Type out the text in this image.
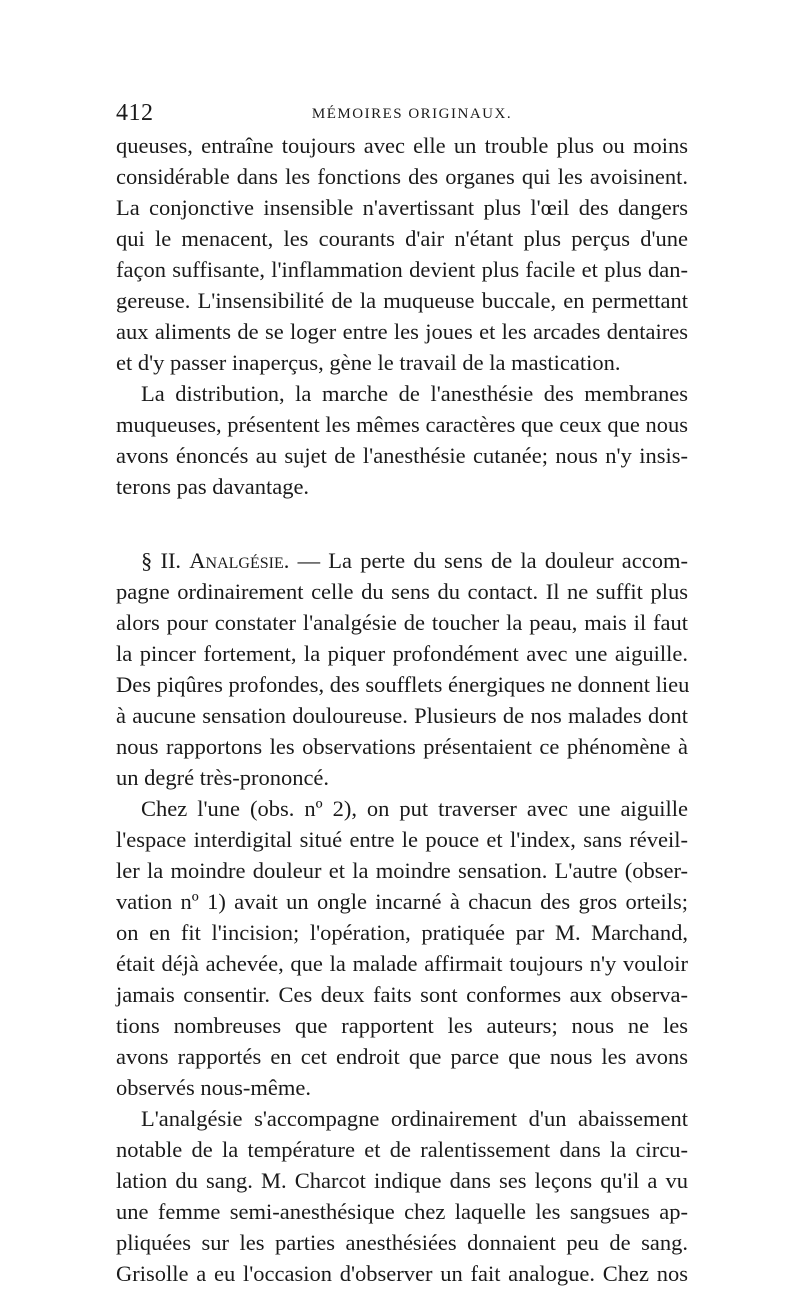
412	MÉMOIRES ORIGINAUX.
queuses, entraîne toujours avec elle un trouble plus ou moins
considérable dans les fonctions des organes qui les avoisinent.
La conjonctive insensible n'avertissant plus l'œil des dangers
qui le menacent, les courants d'air n'étant plus perçus d'une
façon suffisante, l'inflammation devient plus facile et plus dan-
gereuse. L'insensibilité de la muqueuse buccale, en permettant
aux aliments de se loger entre les joues et les arcades dentaires
et d'y passer inaperçus, gène le travail de la mastication.
La distribution, la marche de l'anesthésie des membranes
muqueuses, présentent les mêmes caractères que ceux que nous
avons énoncés au sujet de l'anesthésie cutanée; nous n'y insis-
terons pas davantage.
§ II. Analgésie. — La perte du sens de la douleur accom-
pagne ordinairement celle du sens du contact. Il ne suffit plus
alors pour constater l'analgésie de toucher la peau, mais il faut
la pincer fortement, la piquer profondément avec une aiguille.
Des piqûres profondes, des soufflets énergiques ne donnent lieu
à aucune sensation douloureuse. Plusieurs de nos malades dont
nous rapportons les observations présentaient ce phénomène à
un degré très-prononcé.
Chez l'une (obs. nº 2), on put traverser avec une aiguille
l'espace interdigital situé entre le pouce et l'index, sans réveil-
ler la moindre douleur et la moindre sensation. L'autre (obser-
vation nº 1) avait un ongle incarné à chacun des gros orteils;
on en fit l'incision; l'opération, pratiquée par M. Marchand,
était déjà achevée, que la malade affirmait toujours n'y vouloir
jamais consentir. Ces deux faits sont conformes aux observa-
tions nombreuses que rapportent les auteurs; nous ne les
avons rapportés en cet endroit que parce que nous les avons
observés nous-même.
L'analgésie s'accompagne ordinairement d'un abaissement
notable de la température et de ralentissement dans la circu-
lation du sang. M. Charcot indique dans ses leçons qu'il a vu
une femme semi-anesthésique chez laquelle les sangsues ap-
pliquées sur les parties anesthésiées donnaient peu de sang.
Grisolle a eu l'occasion d'observer un fait analogue. Chez nos
